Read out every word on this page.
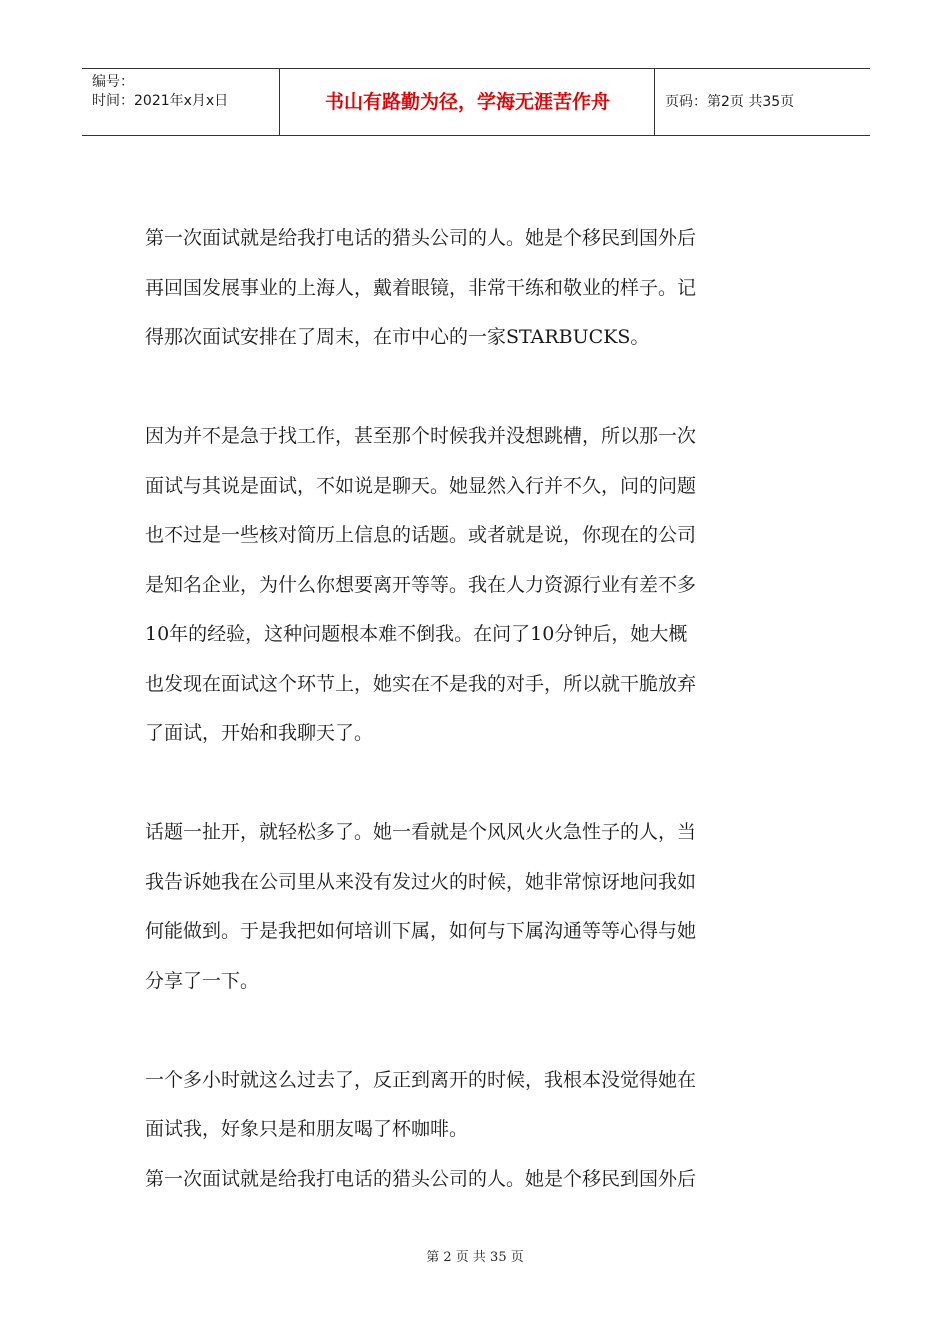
编号：
时间：2021年x月x日	书山有路勤为径，学海无涯苦作舟	页码：第2页 共35页
第一次面试就是给我打电话的猎头公司的人。她是个移民到国外后
再回国发展事业的上海人，戴着眼镜，非常干练和敬业的样子。记
得那次面试安排在了周末，在市中心的一家STARBUCKS。
因为并不是急于找工作，甚至那个时候我并没想跳槽，所以那一次
面试与其说是面试，不如说是聊天。她显然入行并不久，问的问题
也不过是一些核对简历上信息的话题。或者就是说，你现在的公司
是知名企业，为什么你想要离开等等。我在人力资源行业有差不多
10年的经验，这种问题根本难不倒我。在问了10分钟后，她大概
也发现在面试这个环节上，她实在不是我的对手，所以就干脆放弃
了面试，开始和我聊天了。
话题一扯开，就轻松多了。她一看就是个风风火火急性子的人，当
我告诉她我在公司里从来没有发过火的时候，她非常惊讶地问我如
何能做到。于是我把如何培训下属，如何与下属沟通等等心得与她
分享了一下。
一个多小时就这么过去了，反正到离开的时候，我根本没觉得她在
面试我，好象只是和朋友喝了杯咖啡。
第一次面试就是给我打电话的猎头公司的人。她是个移民到国外后
第 2 页 共 35 页
